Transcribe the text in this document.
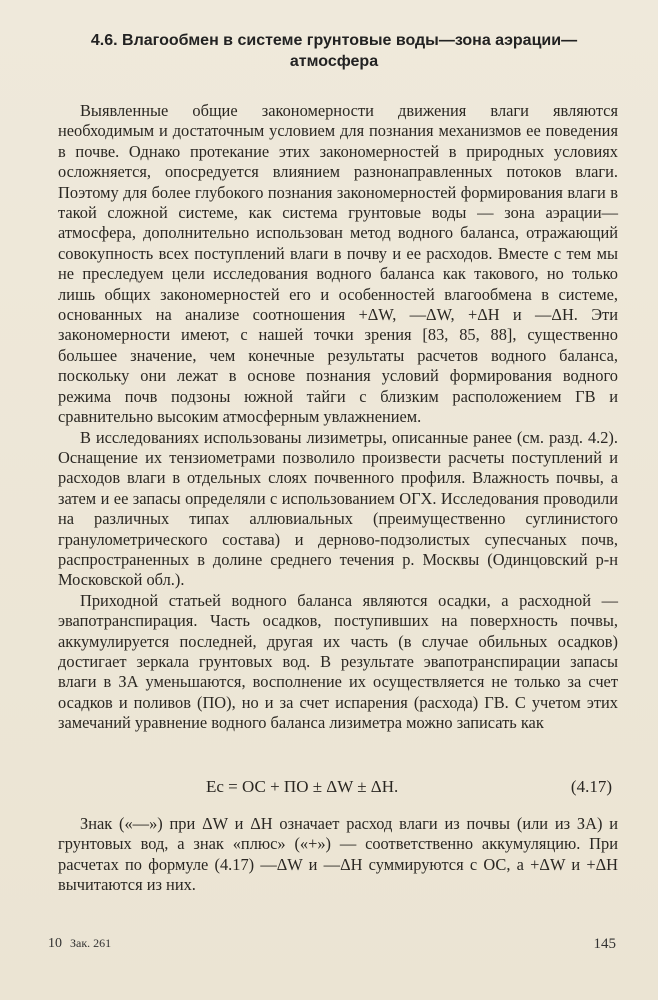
4.6. Влагообмен в системе грунтовые воды—зона аэрации—
атмосфера

Выявленные общие закономерности движения влаги являются необходимым и достаточным условием для познания механизмов ее поведения в почве. Однако протекание этих закономерностей в природных условиях осложняется, опосредуется влиянием разнонаправленных потоков влаги. Поэтому для более глубокого познания закономерностей формирования влаги в такой сложной системе, как система грунтовые воды — зона аэрации—атмосфера, дополнительно использован метод водного баланса, отражающий совокупность всех поступлений влаги в почву и ее расходов. Вместе с тем мы не преследуем цели исследования водного баланса как такового, но только лишь общих закономерностей его и особенностей влагообмена в системе, основанных на анализе соотношения +ΔW, —ΔW, +ΔH и —ΔH. Эти закономерности имеют, с нашей точки зрения [83, 85, 88], существенно большее значение, чем конечные результаты расчетов водного баланса, поскольку они лежат в основе познания условий формирования водного режима почв подзоны южной тайги с близким расположением ГВ и сравнительно высоким атмосферным увлажнением.

В исследованиях использованы лизиметры, описанные ранее (см. разд. 4.2). Оснащение их тензиометрами позволило произвести расчеты поступлений и расходов влаги в отдельных слоях почвенного профиля. Влажность почвы, а затем и ее запасы определяли с использованием ОГХ. Исследования проводили на различных типах аллювиальных (преимущественно суглинистого гранулометрического состава) и дерново-подзолистых супесчаных почв, распространенных в долине среднего течения р. Москвы (Одинцовский р-н Московской обл.).

Приходной статьей водного баланса являются осадки, а расходной — эвапотранспирация. Часть осадков, поступивших на поверхность почвы, аккумулируется последней, другая их часть (в случае обильных осадков) достигает зеркала грунтовых вод. В результате эвапотранспирации запасы влаги в ЗА уменьшаются, восполнение их осуществляется не только за счет осадков и поливов (ПО), но и за счет испарения (расхода) ГВ. С учетом этих замечаний уравнение водного баланса лизиметра можно записать как

Eс = ОС + ПО ± ΔW ± ΔH.	(4.17)

Знак («—») при ΔW и ΔH означает расход влаги из почвы (или из ЗА) и грунтовых вод, а знак «плюс» («+») — соответственно аккумуляцию. При расчетах по формуле (4.17) —ΔW и —ΔH суммируются с ОС, а +ΔW и +ΔH вычитаются из них.

10 Зак. 261	145
